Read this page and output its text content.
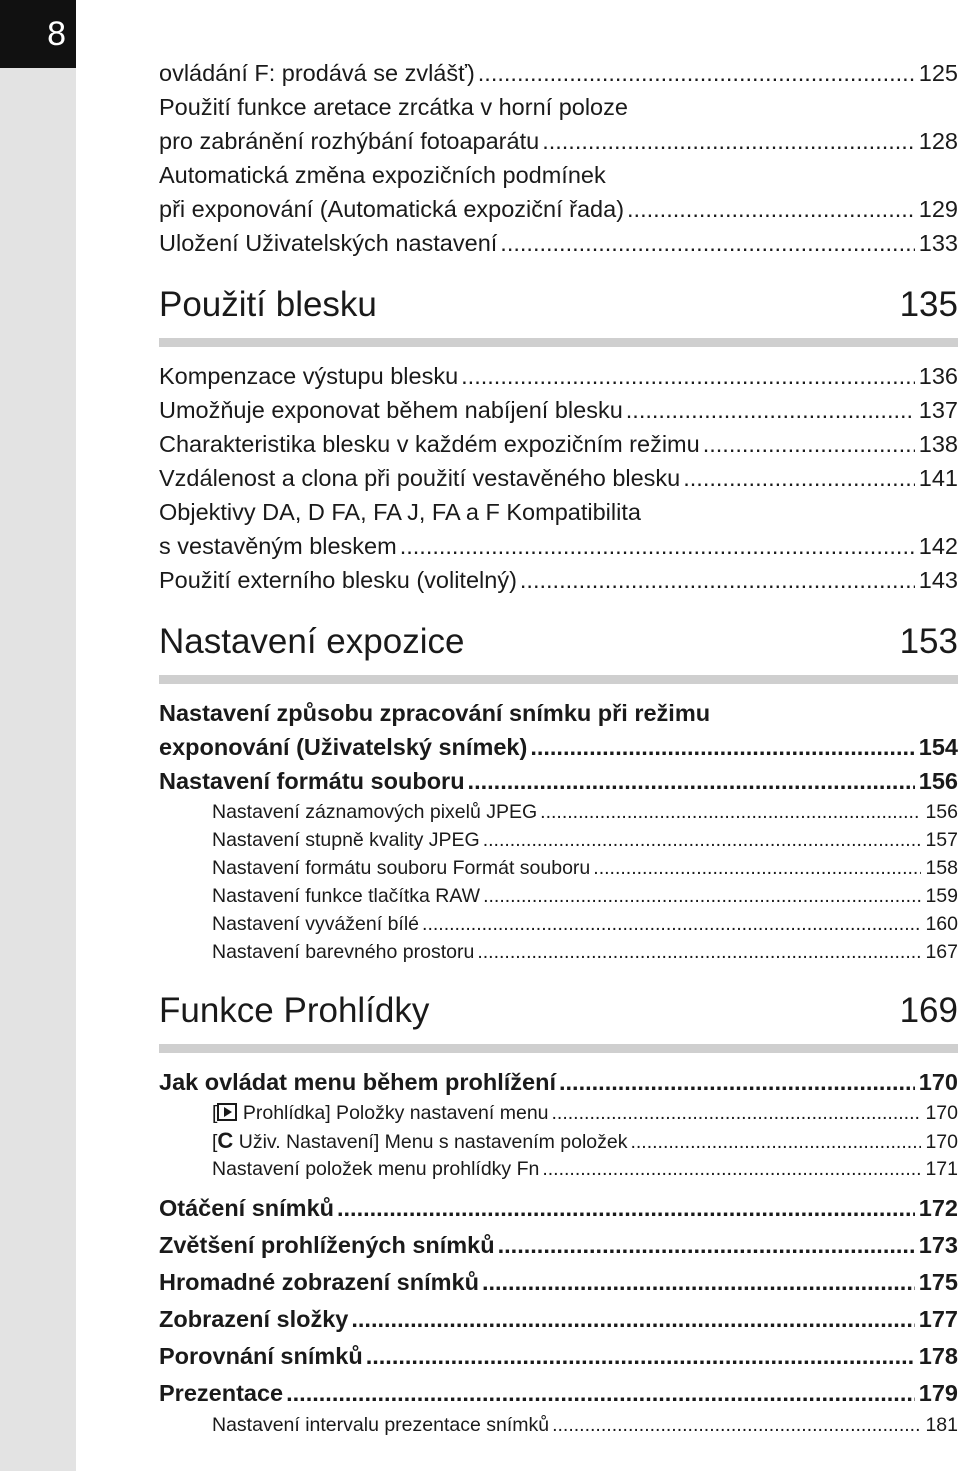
8
ovládání F: prodává se zvlášť) .....	125
Použití funkce aretace zrcátka v horní poloze
pro zabránění rozhýbání fotoaparátu .....	128
Automatická změna expozičních podmínek
při exponování (Automatická expoziční řada) .....	129
Uložení Uživatelských nastavení .....	133
Použití blesku	135
Kompenzace výstupu blesku .....	136
Umožňuje exponovat během nabíjení blesku .....	137
Charakteristika blesku v každém expozičním režimu .....	138
Vzdálenost a clona při použití vestavěného blesku .....	141
Objektivy DA, D FA, FA J, FA a F Kompatibilita
s vestavěným bleskem .....	142
Použití externího blesku (volitelný) .....	143
Nastavení expozice	153
Nastavení způsobu zpracování snímku při režimu
exponování (Uživatelský snímek) .....	154
Nastavení formátu souboru .....	156
Nastavení záznamových pixelů JPEG .....	156
Nastavení stupně kvality JPEG .....	157
Nastavení formátu souboru Formát souboru .....	158
Nastavení funkce tlačítka RAW .....	159
Nastavení vyvážení bílé .....	160
Nastavení barevného prostoru .....	167
Funkce Prohlídky	169
Jak ovládat menu během prohlížení .....	170
[ Prohlídka] Položky nastavení menu .....	170
[C Uživ. Nastavení] Menu s nastavením položek .....	170
Nastavení položek menu prohlídky Fn .....	171
Otáčení snímků .....	172
Zvětšení prohlížených snímků .....	173
Hromadné zobrazení snímků .....	175
Zobrazení složky .....	177
Porovnání snímků .....	178
Prezentace .....	179
Nastavení intervalu prezentace snímků .....	181
